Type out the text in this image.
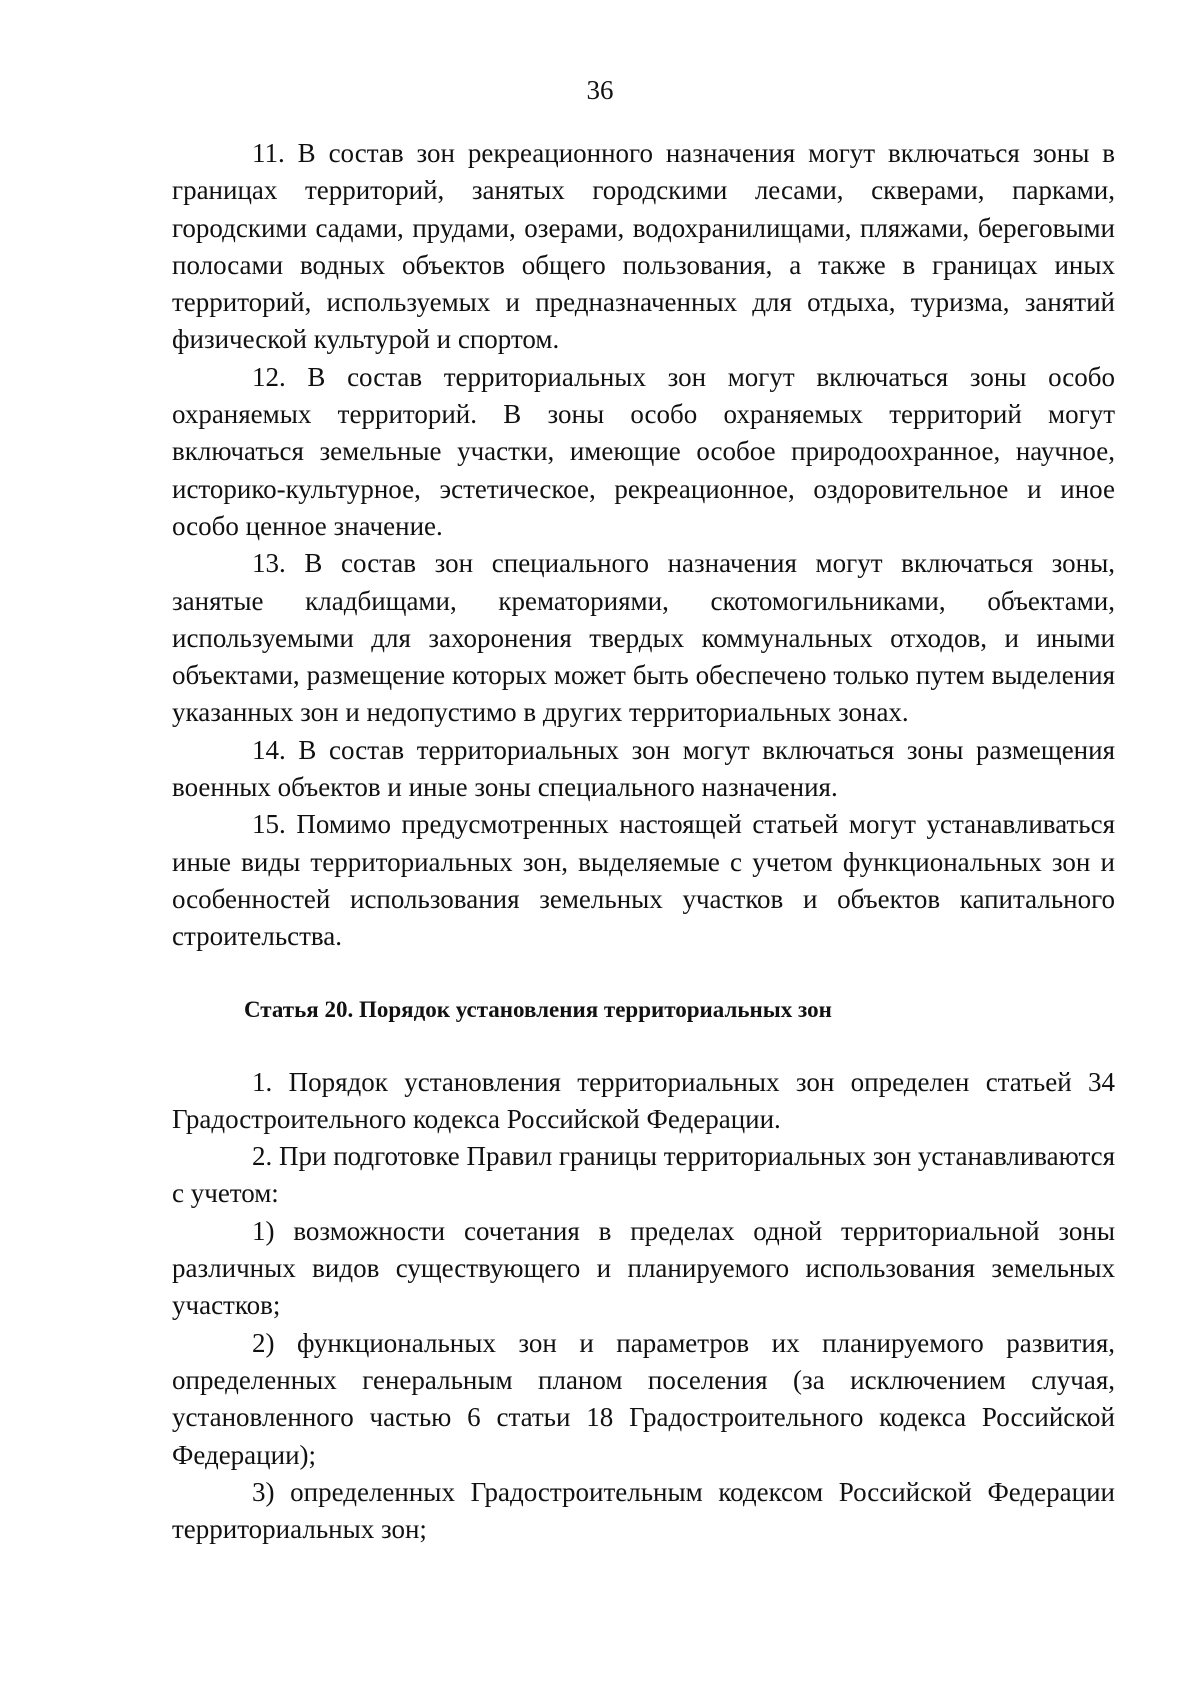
36

11. В состав зон рекреационного назначения могут включаться зоны в границах территорий, занятых городскими лесами, скверами, парками, городскими садами, прудами, озерами, водохранилищами, пляжами, береговыми полосами водных объектов общего пользования, а также в границах иных территорий, используемых и предназначенных для отдыха, туризма, занятий физической культурой и спортом.

12. В состав территориальных зон могут включаться зоны особо охраняемых территорий. В зоны особо охраняемых территорий могут включаться земельные участки, имеющие особое природоохранное, научное, историко-культурное, эстетическое, рекреационное, оздоровительное и иное особо ценное значение.

13. В состав зон специального назначения могут включаться зоны, занятые кладбищами, крематориями, скотомогильниками, объектами, используемыми для захоронения твердых коммунальных отходов, и иными объектами, размещение которых может быть обеспечено только путем выделения указанных зон и недопустимо в других территориальных зонах.

14. В состав территориальных зон могут включаться зоны размещения военных объектов и иные зоны специального назначения.

15. Помимо предусмотренных настоящей статьей могут устанавливаться иные виды территориальных зон, выделяемые с учетом функциональных зон и особенностей использования земельных участков и объектов капитального строительства.

Статья 20. Порядок установления территориальных зон

1. Порядок установления территориальных зон определен статьей 34 Градостроительного кодекса Российской Федерации.

2. При подготовке Правил границы территориальных зон устанавливаются с учетом:

1) возможности сочетания в пределах одной территориальной зоны различных видов существующего и планируемого использования земельных участков;

2) функциональных зон и параметров их планируемого развития, определенных генеральным планом поселения (за исключением случая, установленного частью 6 статьи 18 Градостроительного кодекса Российской Федерации);

3) определенных Градостроительным кодексом Российской Федерации территориальных зон;
